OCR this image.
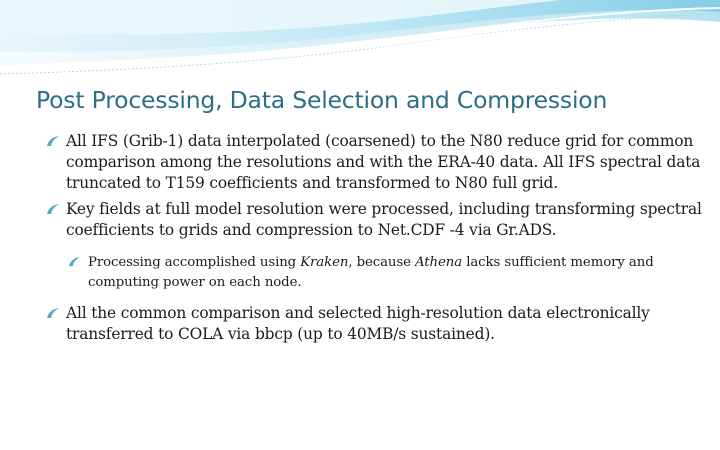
Post Processing, Data Selection and Compression
All IFS (Grib-1) data interpolated (coarsened) to the N80 reduce grid for common comparison among the resolutions and with the ERA-40 data. All IFS spectral data truncated to T159 coefficients and transformed to N80 full grid.
Key fields at full model resolution were processed, including transforming spectral coefficients to grids and compression to Net.CDF -4 via Gr.ADS.
Processing accomplished using Kraken, because Athena lacks sufficient memory and computing power on each node.
All the common comparison and selected high-resolution data electronically transferred to COLA via bbcp (up to 40MB/s sustained).
